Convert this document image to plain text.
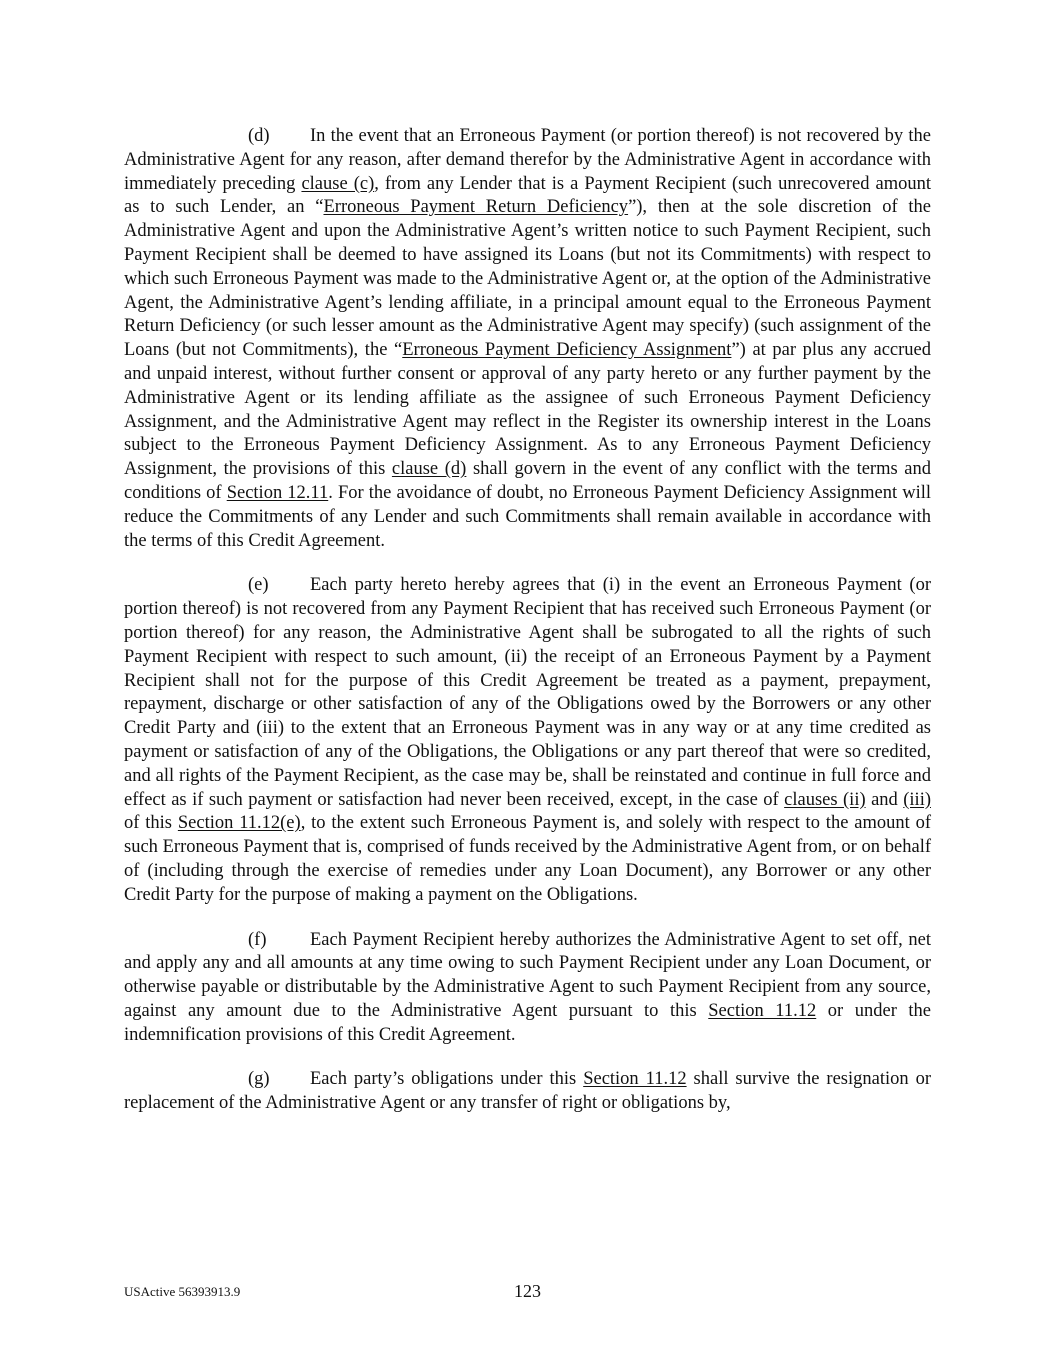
(d) In the event that an Erroneous Payment (or portion thereof) is not recovered by the Administrative Agent for any reason, after demand therefor by the Administrative Agent in accordance with immediately preceding clause (c), from any Lender that is a Payment Recipient (such unrecovered amount as to such Lender, an “Erroneous Payment Return Deficiency”), then at the sole discretion of the Administrative Agent and upon the Administrative Agent’s written notice to such Payment Recipient, such Payment Recipient shall be deemed to have assigned its Loans (but not its Commitments) with respect to which such Erroneous Payment was made to the Administrative Agent or, at the option of the Administrative Agent, the Administrative Agent’s lending affiliate, in a principal amount equal to the Erroneous Payment Return Deficiency (or such lesser amount as the Administrative Agent may specify) (such assignment of the Loans (but not Commitments), the “Erroneous Payment Deficiency Assignment”) at par plus any accrued and unpaid interest, without further consent or approval of any party hereto or any further payment by the Administrative Agent or its lending affiliate as the assignee of such Erroneous Payment Deficiency Assignment, and the Administrative Agent may reflect in the Register its ownership interest in the Loans subject to the Erroneous Payment Deficiency Assignment. As to any Erroneous Payment Deficiency Assignment, the provisions of this clause (d) shall govern in the event of any conflict with the terms and conditions of Section 12.11. For the avoidance of doubt, no Erroneous Payment Deficiency Assignment will reduce the Commitments of any Lender and such Commitments shall remain available in accordance with the terms of this Credit Agreement.

(e) Each party hereto hereby agrees that (i) in the event an Erroneous Payment (or portion thereof) is not recovered from any Payment Recipient that has received such Erroneous Payment (or portion thereof) for any reason, the Administrative Agent shall be subrogated to all the rights of such Payment Recipient with respect to such amount, (ii) the receipt of an Erroneous Payment by a Payment Recipient shall not for the purpose of this Credit Agreement be treated as a payment, prepayment, repayment, discharge or other satisfaction of any of the Obligations owed by the Borrowers or any other Credit Party and (iii) to the extent that an Erroneous Payment was in any way or at any time credited as payment or satisfaction of any of the Obligations, the Obligations or any part thereof that were so credited, and all rights of the Payment Recipient, as the case may be, shall be reinstated and continue in full force and effect as if such payment or satisfaction had never been received, except, in the case of clauses (ii) and (iii) of this Section 11.12(e), to the extent such Erroneous Payment is, and solely with respect to the amount of such Erroneous Payment that is, comprised of funds received by the Administrative Agent from, or on behalf of (including through the exercise of remedies under any Loan Document), any Borrower or any other Credit Party for the purpose of making a payment on the Obligations.

(f) Each Payment Recipient hereby authorizes the Administrative Agent to set off, net and apply any and all amounts at any time owing to such Payment Recipient under any Loan Document, or otherwise payable or distributable by the Administrative Agent to such Payment Recipient from any source, against any amount due to the Administrative Agent pursuant to this Section 11.12 or under the indemnification provisions of this Credit Agreement.

(g) Each party’s obligations under this Section 11.12 shall survive the resignation or replacement of the Administrative Agent or any transfer of right or obligations by,

USActive 56393913.9	123
